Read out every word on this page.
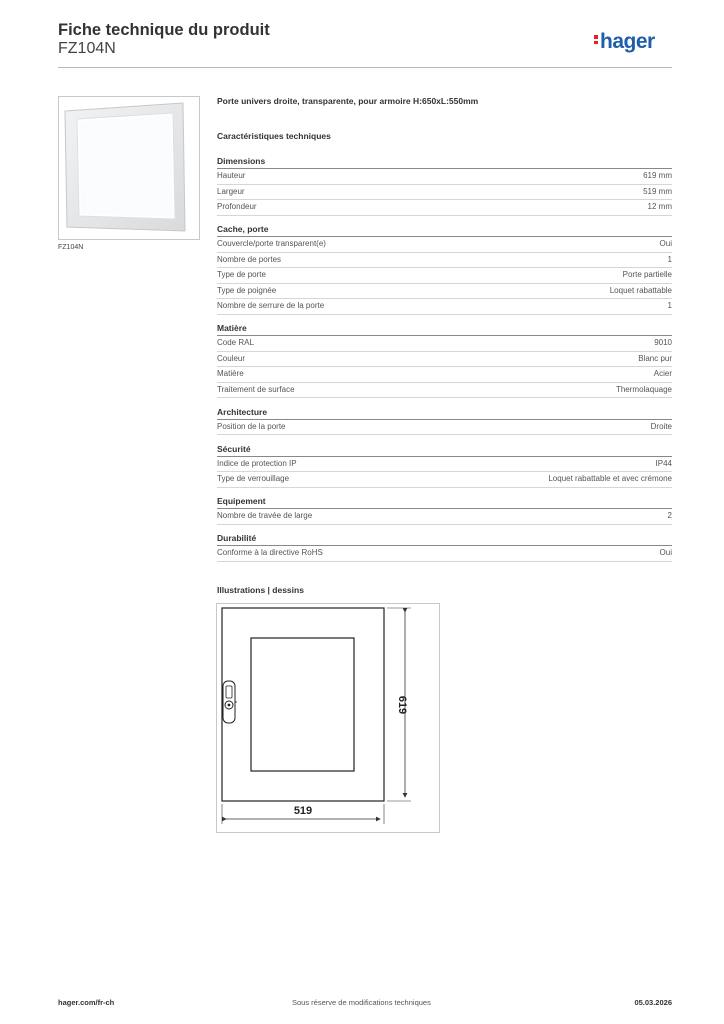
Fiche technique du produit
FZ104N	hager
FZ104N
Porte univers droite, transparente, pour armoire H:650xL:550mm
Caractéristiques techniques
Dimensions
Hauteur	619 mm
Largeur	519 mm
Profondeur	12 mm
Cache, porte
Couvercle/porte transparent(e)	Oui
Nombre de portes	1
Type de porte	Porte partielle
Type de poignée	Loquet rabattable
Nombre de serrure de la porte	1
Matière
Code RAL	9010
Couleur	Blanc pur
Matière	Acier
Traitement de surface	Thermolaquage
Architecture
Position de la porte	Droite
Sécurité
Indice de protection IP	IP44
Type de verrouillage	Loquet rabattable et avec crémone
Equipement
Nombre de travée de large	2
Durabilité
Conforme à la directive RoHS	Oui
Illustrations | dessins
619
519
hager.com/fr-ch	Sous réserve de modifications techniques	05.03.2026
